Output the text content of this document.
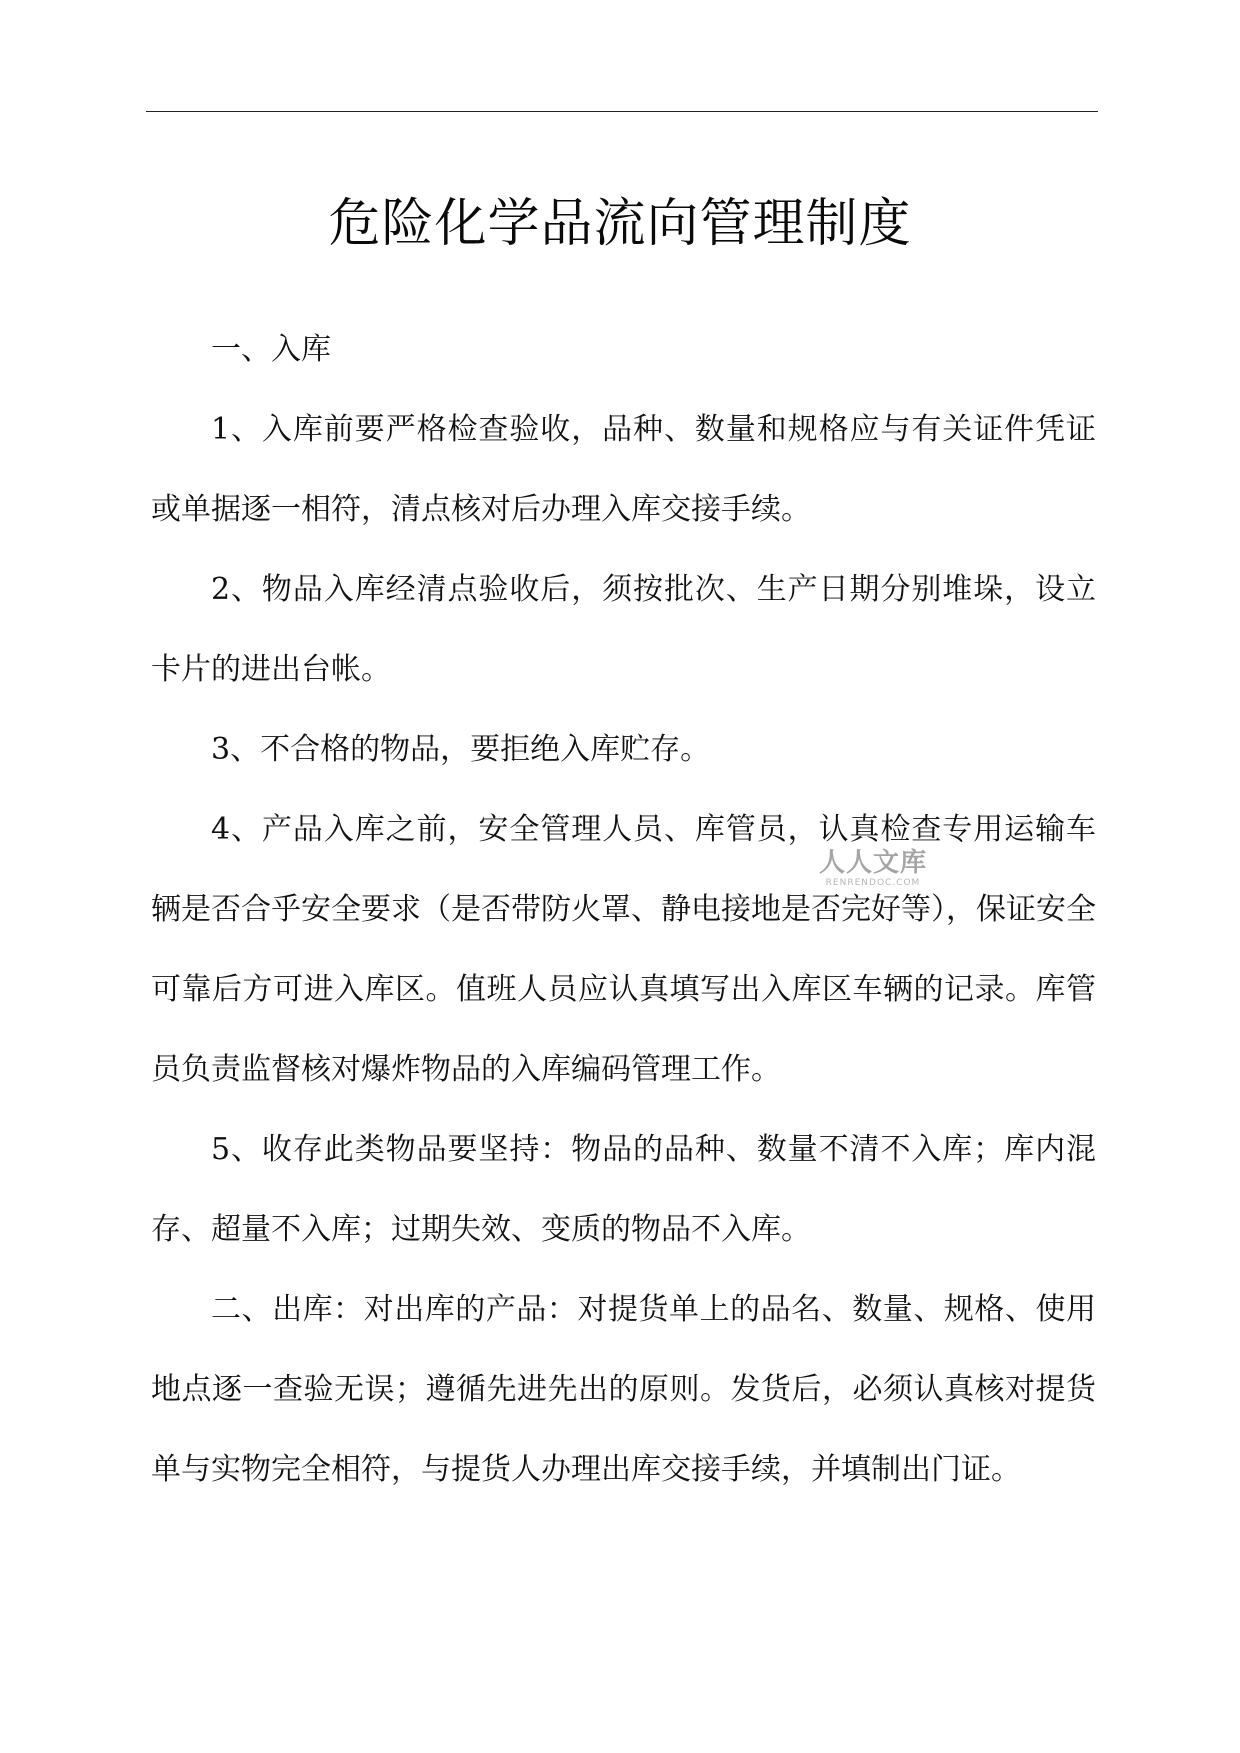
危险化学品流向管理制度

一、入库

1、入库前要严格检查验收，品种、数量和规格应与有关证件凭证或单据逐一相符，清点核对后办理入库交接手续。

2、物品入库经清点验收后，须按批次、生产日期分别堆垛，设立卡片的进出台帐。

3、不合格的物品，要拒绝入库贮存。

4、产品入库之前，安全管理人员、库管员，认真检查专用运输车辆是否合乎安全要求（是否带防火罩、静电接地是否完好等），保证安全可靠后方可进入库区。值班人员应认真填写出入库区车辆的记录。库管员负责监督核对爆炸物品的入库编码管理工作。

5、收存此类物品要坚持：物品的品种、数量不清不入库；库内混存、超量不入库；过期失效、变质的物品不入库。

二、出库：对出库的产品：对提货单上的品名、数量、规格、使用地点逐一查验无误；遵循先进先出的原则。发货后，必须认真核对提货单与实物完全相符，与提货人办理出库交接手续，并填制出门证。

人人文库
RENRENDOC.COM
